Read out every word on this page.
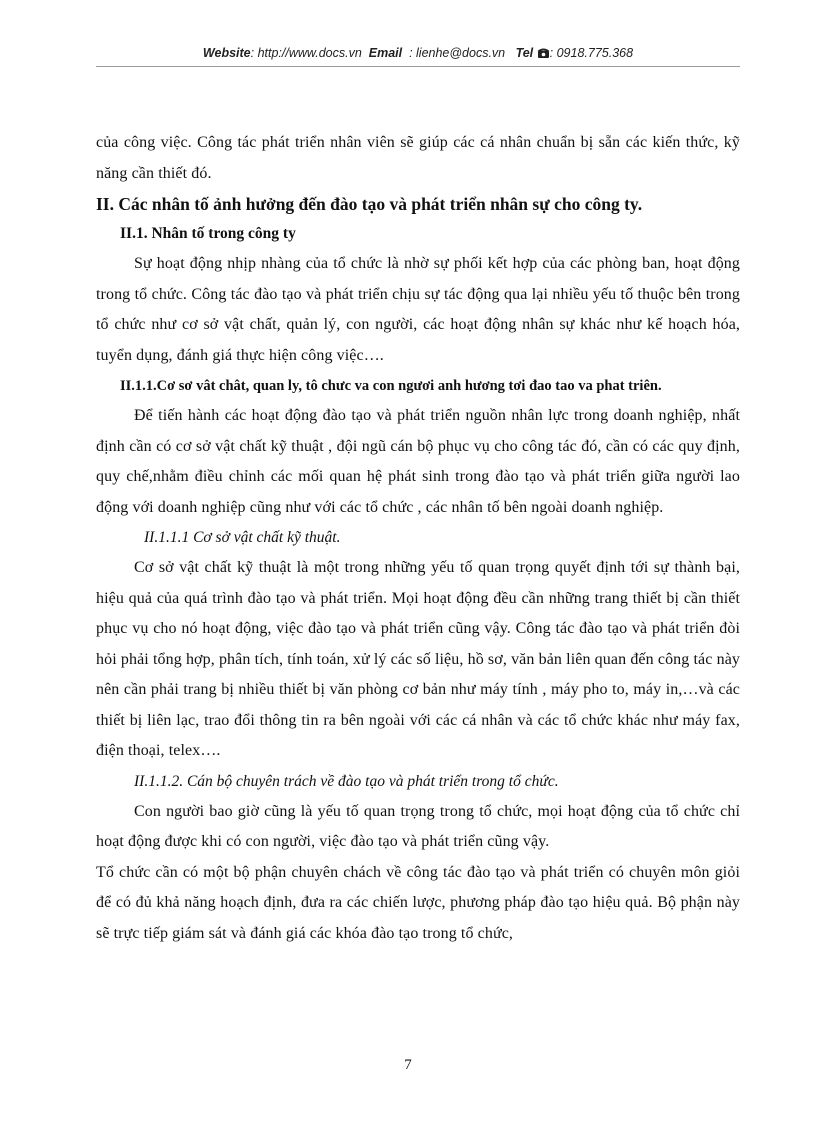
Website: http://www.docs.vn Email : lienhe@docs.vn Tel : 0918.775.368

của công việc. Công tác phát triển nhân viên sẽ giúp các cá nhân chuẩn bị sẵn các kiến thức, kỹ năng cần thiết đó.

II. Các nhân tố ảnh hưởng đến đào tạo và phát triển nhân sự cho công ty.

II.1. Nhân tố trong công ty

Sự hoạt động nhịp nhàng của tổ chức là nhờ sự phối kết hợp của các phòng ban, hoạt động trong tổ chức. Công tác đào tạo và phát triển chịu sự tác động qua lại nhiều yếu tố thuộc bên trong tổ chức như cơ sở vật chất, quản lý, con người, các hoạt động nhân sự khác như kế hoạch hóa, tuyển dụng, đánh giá thực hiện công việc….

II.1.1.Cơ sơ vât chât, quan ly, tô chưc va con ngươi anh hương tơi đao tao va phat triên.

Để tiến hành các hoạt động đào tạo và phát triển nguồn nhân lực trong doanh nghiệp, nhất định cần có cơ sở vật chất kỹ thuật , đội ngũ cán bộ phục vụ cho công tác đó, cần có các quy định, quy chế,nhằm điều chỉnh các mối quan hệ phát sinh trong đào tạo và phát triển giữa người lao động với doanh nghiệp cũng như với các tổ chức , các nhân tố bên ngoài doanh nghiệp.

II.1.1.1 Cơ sở vật chất kỹ thuật.

Cơ sở vật chất kỹ thuật là một trong những yếu tố quan trọng quyết định tới sự thành bại, hiệu quả của quá trình đào tạo và phát triển. Mọi hoạt động đều cần những trang thiết bị cần thiết phục vụ cho nó hoạt động, việc đào tạo và phát triển cũng vậy. Công tác đào tạo và phát triển đòi hỏi phải tổng hợp, phân tích, tính toán, xử lý các số liệu, hồ sơ, văn bản liên quan đến công tác này nên cần phải trang bị nhiều thiết bị văn phòng cơ bản như máy tính , máy pho to, máy in,…và các thiết bị liên lạc, trao đổi thông tin ra bên ngoài với các cá nhân và các tổ chức khác như máy fax, điện thoại, telex….

II.1.1.2. Cán bộ chuyên trách về đào tạo và phát triển trong tổ chức.

Con người bao giờ cũng là yếu tố quan trọng trong tổ chức, mọi hoạt động của tổ chức chỉ hoạt động được khi có con người, việc đào tạo và phát triển cũng vậy.

Tổ chức cần có một bộ phận chuyên chách về công tác đào tạo và phát triển có chuyên môn giỏi để có đủ khả năng hoạch định, đưa ra các chiến lược, phương pháp đào tạo hiệu quả. Bộ phận này sẽ trực tiếp giám sát và đánh giá các khóa đào tạo trong tổ chức,

7
